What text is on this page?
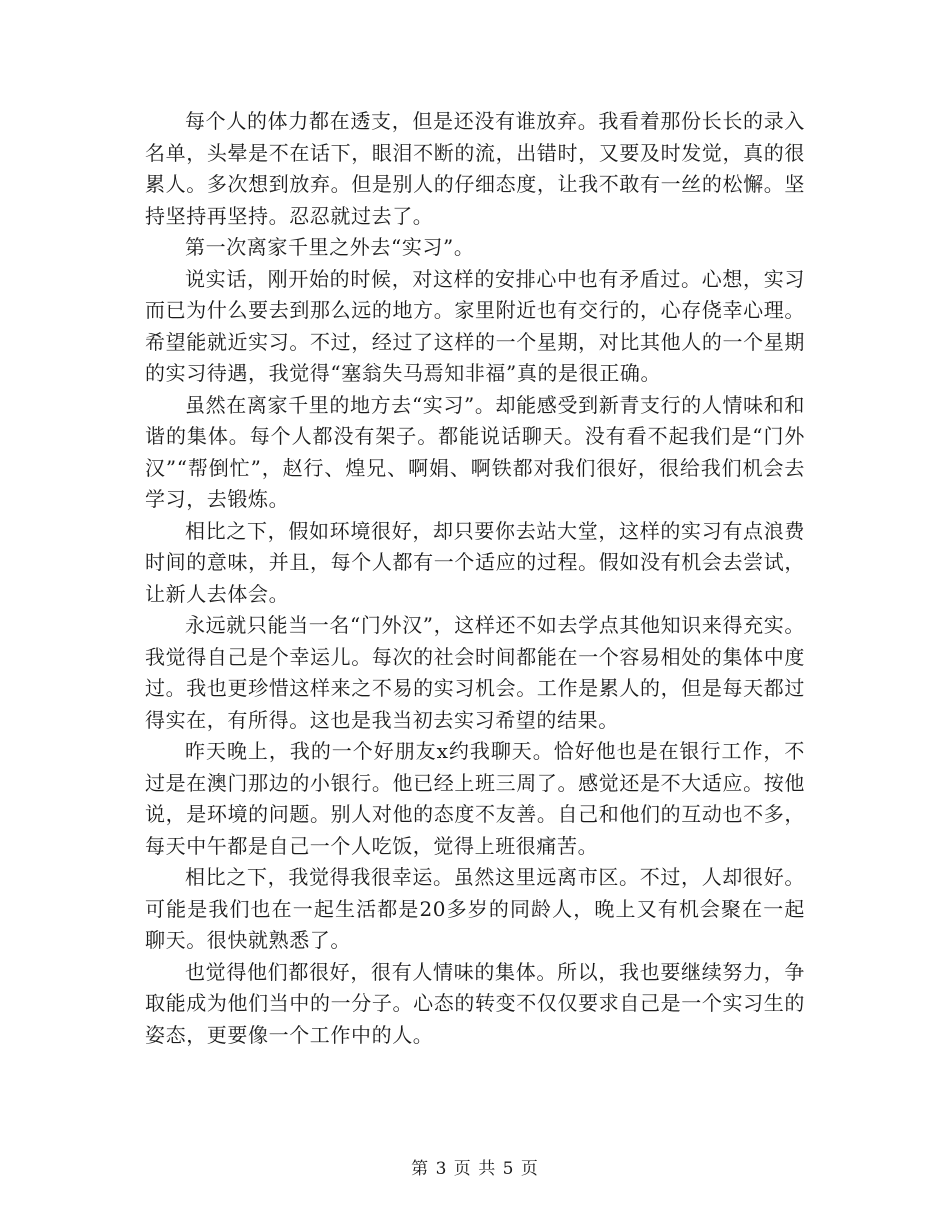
每个人的体力都在透支，但是还没有谁放弃。我看着那份长长的录入名单，头晕是不在话下，眼泪不断的流，出错时，又要及时发觉，真的很累人。多次想到放弃。但是别人的仔细态度，让我不敢有一丝的松懈。坚持坚持再坚持。忍忍就过去了。

第一次离家千里之外去“实习”。

说实话，刚开始的时候，对这样的安排心中也有矛盾过。心想，实习而已为什么要去到那么远的地方。家里附近也有交行的，心存侥幸心理。希望能就近实习。不过，经过了这样的一个星期，对比其他人的一个星期的实习待遇，我觉得“塞翁失马焉知非福”真的是很正确。

虽然在离家千里的地方去“实习”。却能感受到新青支行的人情味和和谐的集体。每个人都没有架子。都能说话聊天。没有看不起我们是“门外汉”“帮倒忙”，赵行、煌兄、啊娟、啊铁都对我们很好，很给我们机会去学习，去锻炼。

相比之下，假如环境很好，却只要你去站大堂，这样的实习有点浪费时间的意味，并且，每个人都有一个适应的过程。假如没有机会去尝试，让新人去体会。

永远就只能当一名“门外汉”，这样还不如去学点其他知识来得充实。我觉得自己是个幸运儿。每次的社会时间都能在一个容易相处的集体中度过。我也更珍惜这样来之不易的实习机会。工作是累人的，但是每天都过得实在，有所得。这也是我当初去实习希望的结果。

昨天晚上，我的一个好朋友x约我聊天。恰好他也是在银行工作，不过是在澳门那边的小银行。他已经上班三周了。感觉还是不大适应。按他说，是环境的问题。别人对他的态度不友善。自己和他们的互动也不多，每天中午都是自己一个人吃饭，觉得上班很痛苦。

相比之下，我觉得我很幸运。虽然这里远离市区。不过，人却很好。可能是我们也在一起生活都是20多岁的同龄人，晚上又有机会聚在一起聊天。很快就熟悉了。

也觉得他们都很好，很有人情味的集体。所以，我也要继续努力，争取能成为他们当中的一分子。心态的转变不仅仅要求自己是一个实习生的姿态，更要像一个工作中的人。

第 3 页 共 5 页
